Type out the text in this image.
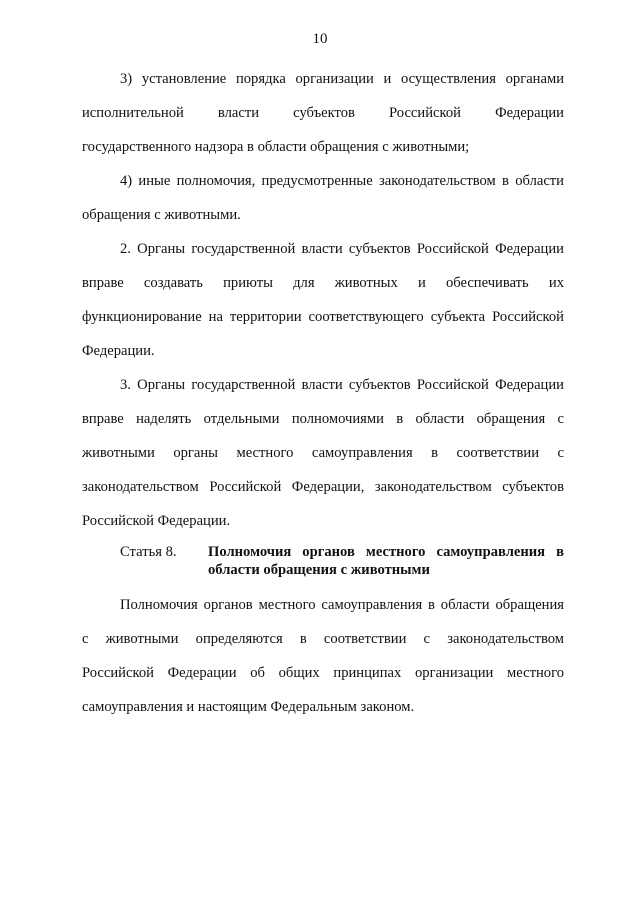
10
3) установление порядка организации и осуществления органами
исполнительной власти субъектов Российской Федерации
государственного надзора в области обращения с животными;
4) иные полномочия, предусмотренные законодательством в области
обращения с животными.
2. Органы государственной власти субъектов Российской Федерации
вправе создавать приюты для животных и обеспечивать их
функционирование на территории соответствующего субъекта Российской
Федерации.
3. Органы государственной власти субъектов Российской Федерации
вправе наделять отдельными полномочиями в области обращения с
животными органы местного самоуправления в соответствии с
законодательством Российской Федерации, законодательством субъектов
Российской Федерации.
Статья 8. Полномочия органов местного самоуправления в
области обращения с животными
Полномочия органов местного самоуправления в области обращения
с животными определяются в соответствии с законодательством
Российской Федерации об общих принципах организации местного
самоуправления и настоящим Федеральным законом.
